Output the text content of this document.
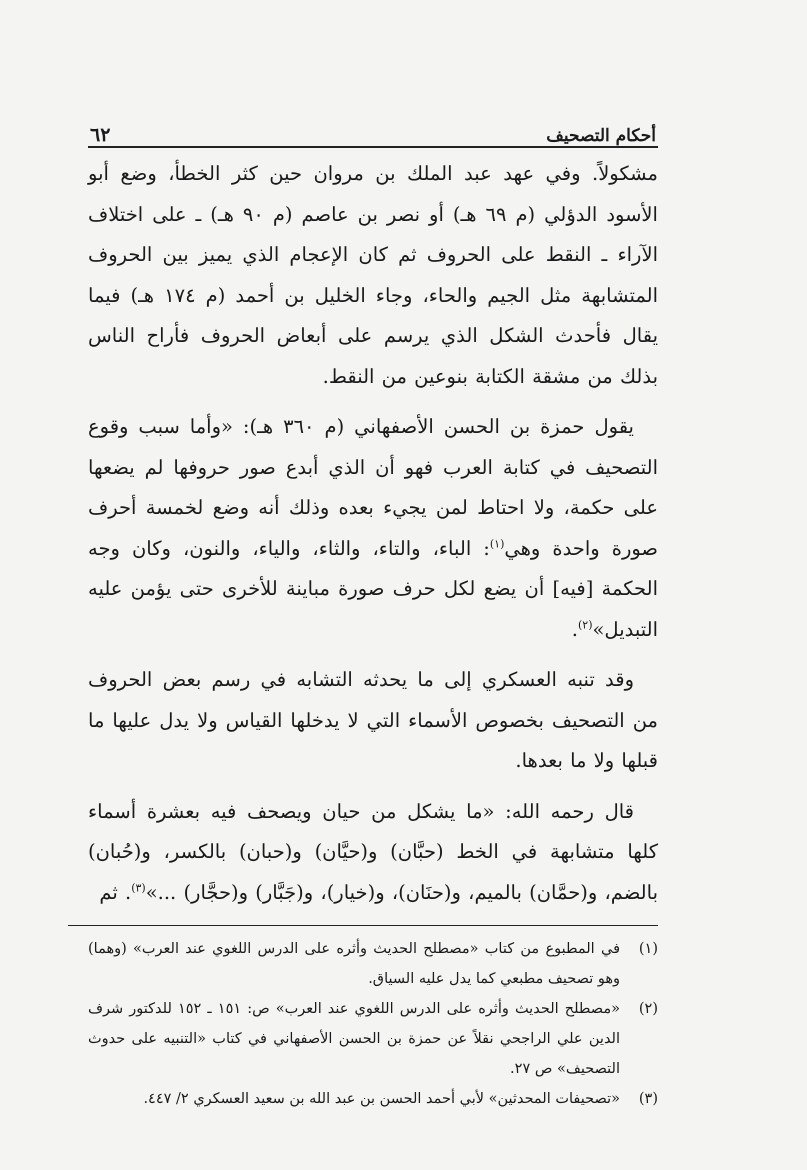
أحكام التصحيف
٦٢

مشكولاً. وفي عهد عبد الملك بن مروان حين كثر الخطأ، وضع أبو الأسود الدؤلي (م ٦٩ هـ) أو نصر بن عاصم (م ٩٠ هـ) ـ على اختلاف الآراء ـ النقط على الحروف ثم كان الإعجام الذي يميز بين الحروف المتشابهة مثل الجيم والحاء، وجاء الخليل بن أحمد (م ١٧٤ هـ) فيما يقال فأحدث الشكل الذي يرسم على أبعاض الحروف فأراح الناس بذلك من مشقة الكتابة بنوعين من النقط.

يقول حمزة بن الحسن الأصفهاني (م ٣٦٠ هـ): «وأما سبب وقوع التصحيف في كتابة العرب فهو أن الذي أبدع صور حروفها لم يضعها على حكمة، ولا احتاط لمن يجيء بعده وذلك أنه وضع لخمسة أحرف صورة واحدة وهي$^{(١)}$: الباء، والتاء، والثاء، والياء، والنون، وكان وجه الحكمة [فيه] أن يضع لكل حرف صورة مباينة للأخرى حتى يؤمن عليه التبديل»$^{(٢)}$.

وقد تنبه العسكري إلى ما يحدثه التشابه في رسم بعض الحروف من التصحيف بخصوص الأسماء التي لا يدخلها القياس ولا يدل عليها ما قبلها ولا ما بعدها.

قال رحمه الله: «ما يشكل من حيان ويصحف فيه بعشرة أسماء كلها متشابهة في الخط (حبَّان) و(حيَّان) و(حبان) بالكسر، و(حُبان) بالضم، و(حمَّان) بالميم، و(حنَان)، و(خيار)، و(جَبَّار) و(حجَّار) ...»$^{(٣)}$. ثم

(١)
في المطبوع من كتاب «مصطلح الحديث وأثره على الدرس اللغوي عند العرب» (وهما) وهو تصحيف مطبعي كما يدل عليه السياق.
(٢)
«مصطلح الحديث وأثره على الدرس اللغوي عند العرب» ص: ١٥١ ـ ١٥٢ للدكتور شرف الدين علي الراجحي نقلاً عن حمزة بن الحسن الأصفهاني في كتاب «التنبيه على حدوث التصحيف» ص ٢٧.
(٣)
«تصحيفات المحدثين» لأبي أحمد الحسن بن عبد الله بن سعيد العسكري ٢/ ٤٤٧.
